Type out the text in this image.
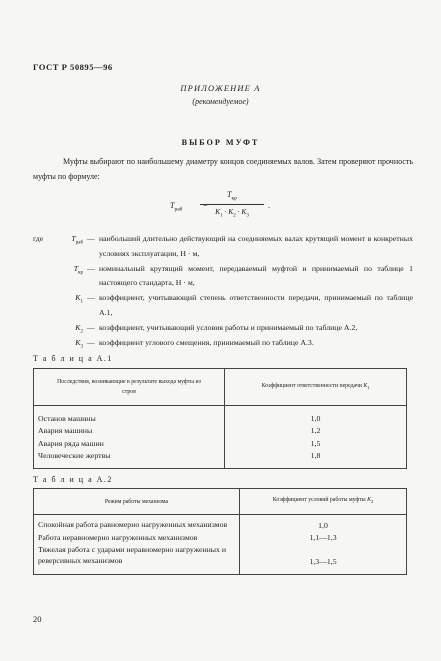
ГОСТ Р 50895—96
ПРИЛОЖЕНИЕ А
(рекомендуемое)
ВЫБОР МУФТ
Муфты выбирают по наибольшему диаметру концов соединяемых валов. Затем проверяют прочность муфты по формуле:
$T_{раб}$	=
$T_{кр}$
$K_1 \cdot K_2 \cdot K_3$
.
где	$T_{раб}$
— наибольший длительно действующий на соединяемых валах крутящий момент в конкретных условиях эксплуатации, Н · м,
$T_{кр}$
— номинальный крутящий момент, передаваемый муфтой и принимаемый по таблице 1 настоящего стандарта, Н · м,
$K_1$
— коэффициент, учитывающий степень ответственности передачи, принимаемый по таблице А.1,
$K_2$
— коэффициент, учитывающий условия работы и принимаемый по таблице А.2,
$K_3$
— коэффициент углового смещения, принимаемый по таблице А.3.
Т а б л и ц а А.1
Последствия, возникающие в результате выхода муфты из строя	Коэффициент ответственности передачи $K_1$

Останов машины	1,0
Авария машины	1,2
Авария ряда машин	1,5
Человеческие жертвы	1,8
Т а б л и ц а А.2
Режим работы механизма	Коэффициент условий работы муфты $K_2$

Спокойная работа равномерно нагруженных механизмов	1,0

Работа неравномерно нагруженных механизмов	1,1—1,3

Тяжелая работа с ударами неравномерно нагруженных и реверсивных механизмов	1,3—1,5
20
